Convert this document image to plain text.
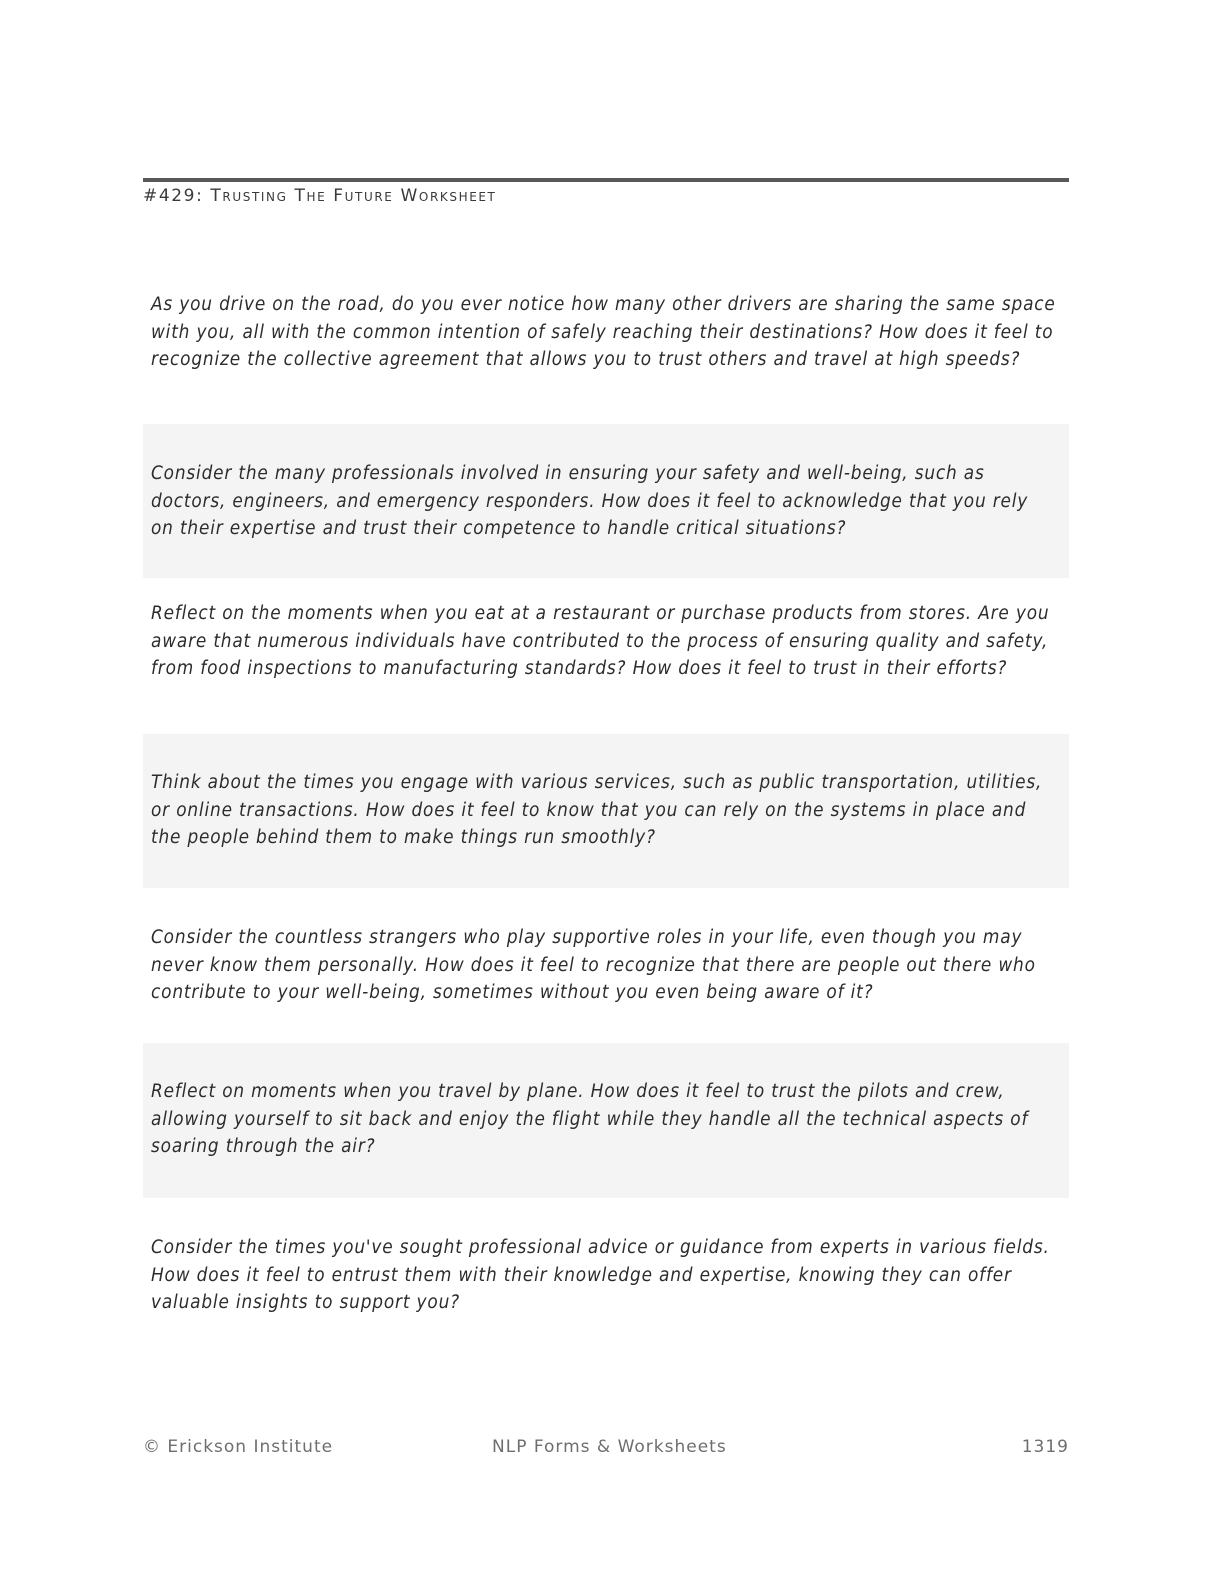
#429: Trusting The Future Worksheet

As you drive on the road, do you ever notice how many other drivers are sharing the same space with you, all with the common intention of safely reaching their destinations? How does it feel to recognize the collective agreement that allows you to trust others and travel at high speeds?

Consider the many professionals involved in ensuring your safety and well-being, such as doctors, engineers, and emergency responders. How does it feel to acknowledge that you rely on their expertise and trust their competence to handle critical situations?

Reflect on the moments when you eat at a restaurant or purchase products from stores. Are you aware that numerous individuals have contributed to the process of ensuring quality and safety, from food inspections to manufacturing standards? How does it feel to trust in their efforts?

Think about the times you engage with various services, such as public transportation, utilities, or online transactions. How does it feel to know that you can rely on the systems in place and the people behind them to make things run smoothly?

Consider the countless strangers who play supportive roles in your life, even though you may never know them personally. How does it feel to recognize that there are people out there who contribute to your well-being, sometimes without you even being aware of it?

Reflect on moments when you travel by plane. How does it feel to trust the pilots and crew, allowing yourself to sit back and enjoy the flight while they handle all the technical aspects of soaring through the air?

Consider the times you've sought professional advice or guidance from experts in various fields. How does it feel to entrust them with their knowledge and expertise, knowing they can offer valuable insights to support you?

© Erickson Institute	NLP Forms & Worksheets	1319
